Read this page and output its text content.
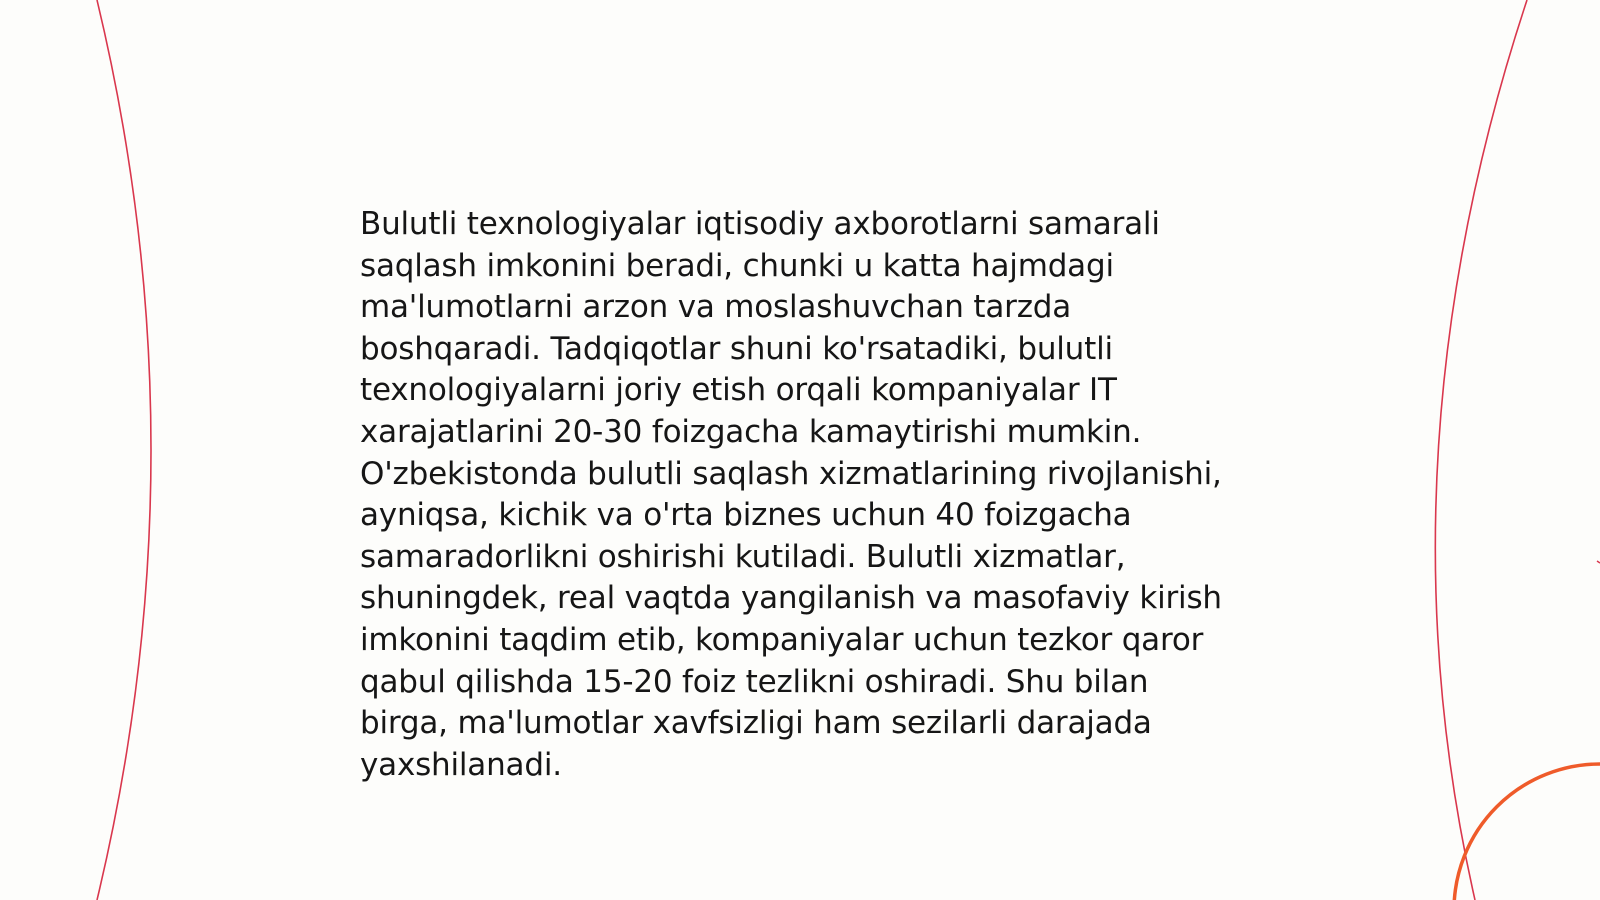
Bulutli texnologiyalar iqtisodiy axborotlarni samarali saqlash imkonini beradi, chunki u katta hajmdagi ma'lumotlarni arzon va moslashuvchan tarzda boshqaradi. Tadqiqotlar shuni ko'rsatadiki, bulutli texnologiyalarni joriy etish orqali kompaniyalar IT xarajatlarini 20-30 foizgacha kamaytirishi mumkin. O'zbekistonda bulutli saqlash xizmatlarining rivojlanishi, ayniqsa, kichik va o'rta biznes uchun 40 foizgacha samaradorlikni oshirishi kutiladi. Bulutli xizmatlar, shuningdek, real vaqtda yangilanish va masofaviy kirish imkonini taqdim etib, kompaniyalar uchun tezkor qaror qabul qilishda 15-20 foiz tezlikni oshiradi. Shu bilan birga, ma'lumotlar xavfsizligi ham sezilarli darajada yaxshilanadi.
